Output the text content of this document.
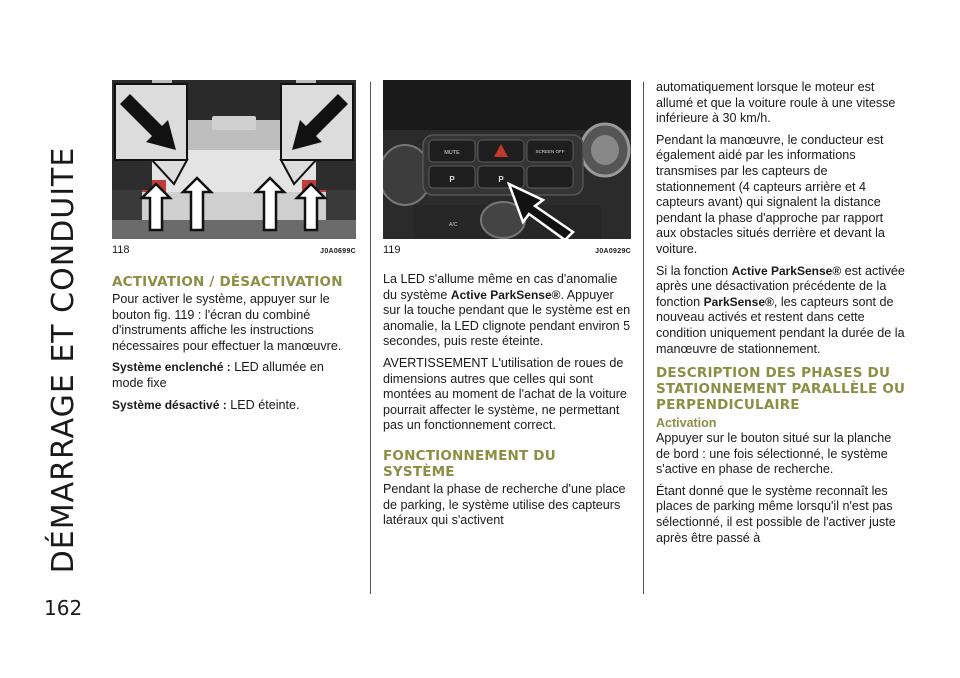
DÉMARRAGE ET CONDUITE
162
118	J0A0699C
ACTIVATION / DÉSACTIVATION

Pour activer le système, appuyer sur le bouton fig. 119 : l'écran du combiné d'instruments affiche les instructions nécessaires pour effectuer la manœuvre.

Système enclenché : LED allumée en mode fixe

Système désactivé : LED éteinte.

MUTE	SCREEN OFF
P
P
A/C
119	J0A0929C

La LED s'allume même en cas d'anomalie du système Active ParkSense®. Appuyer sur la touche pendant que le système est en anomalie, la LED clignote pendant environ 5 secondes, puis reste éteinte.

AVERTISSEMENT L'utilisation de roues de dimensions autres que celles qui sont montées au moment de l'achat de la voiture pourrait affecter le système, ne permettant pas un fonctionnement correct.

FONCTIONNEMENT DU SYSTÈME

Pendant la phase de recherche d'une place de parking, le système utilise des capteurs latéraux qui s'activent

automatiquement lorsque le moteur est allumé et que la voiture roule à une vitesse inférieure à 30 km/h.

Pendant la manœuvre, le conducteur est également aidé par les informations transmises par les capteurs de stationnement (4 capteurs arrière et 4 capteurs avant) qui signalent la distance pendant la phase d'approche par rapport aux obstacles situés derrière et devant la voiture.

Si la fonction Active ParkSense® est activée après une désactivation précédente de la fonction ParkSense®, les capteurs sont de nouveau activés et restent dans cette condition uniquement pendant la durée de la manœuvre de stationnement.

DESCRIPTION DES PHASES DU STATIONNEMENT PARALLÈLE OU PERPENDICULAIRE
Activation

Appuyer sur le bouton situé sur la planche de bord : une fois sélectionné, le système s'active en phase de recherche.

Étant donné que le système reconnaît les places de parking même lorsqu'il n'est pas sélectionné, il est possible de l'activer juste après être passé à
